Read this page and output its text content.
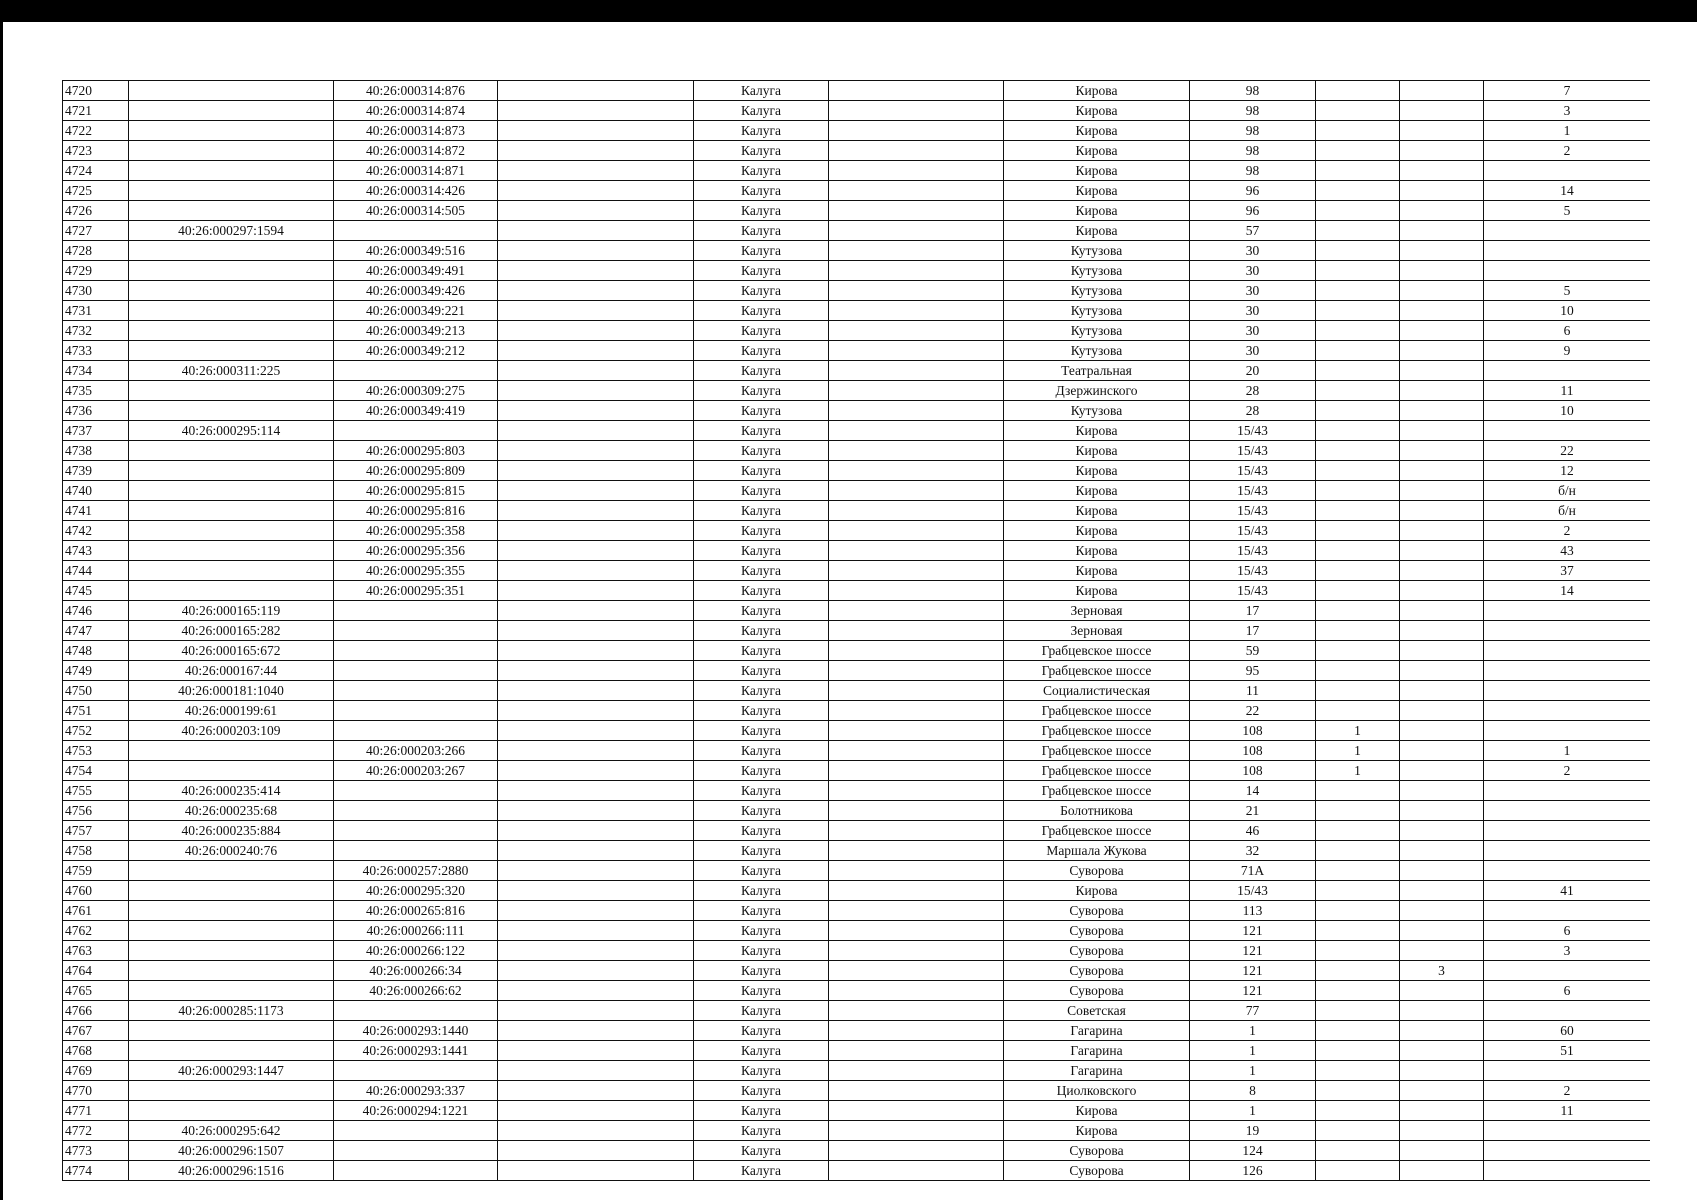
4720		40:26:000314:876		Калуга		Кирова	98			7
4721		40:26:000314:874		Калуга		Кирова	98			3
4722		40:26:000314:873		Калуга		Кирова	98			1
4723		40:26:000314:872		Калуга		Кирова	98			2
4724		40:26:000314:871		Калуга		Кирова	98			
4725		40:26:000314:426		Калуга		Кирова	96			14
4726		40:26:000314:505		Калуга		Кирова	96			5
4727	40:26:000297:1594			Калуга		Кирова	57			
4728		40:26:000349:516		Калуга		Кутузова	30			
4729		40:26:000349:491		Калуга		Кутузова	30			
4730		40:26:000349:426		Калуга		Кутузова	30			5
4731		40:26:000349:221		Калуга		Кутузова	30			10
4732		40:26:000349:213		Калуга		Кутузова	30			6
4733		40:26:000349:212		Калуга		Кутузова	30			9
4734	40:26:000311:225			Калуга		Театральная	20			
4735		40:26:000309:275		Калуга		Дзержинского	28			11
4736		40:26:000349:419		Калуга		Кутузова	28			10
4737	40:26:000295:114			Калуга		Кирова	15/43			
4738		40:26:000295:803		Калуга		Кирова	15/43			22
4739		40:26:000295:809		Калуга		Кирова	15/43			12
4740		40:26:000295:815		Калуга		Кирова	15/43			б/н
4741		40:26:000295:816		Калуга		Кирова	15/43			б/н
4742		40:26:000295:358		Калуга		Кирова	15/43			2
4743		40:26:000295:356		Калуга		Кирова	15/43			43
4744		40:26:000295:355		Калуга		Кирова	15/43			37
4745		40:26:000295:351		Калуга		Кирова	15/43			14
4746	40:26:000165:119			Калуга		Зерновая	17			
4747	40:26:000165:282			Калуга		Зерновая	17			
4748	40:26:000165:672			Калуга		Грабцевское шоссе	59			
4749	40:26:000167:44			Калуга		Грабцевское шоссе	95			
4750	40:26:000181:1040			Калуга		Социалистическая	11			
4751	40:26:000199:61			Калуга		Грабцевское шоссе	22			
4752	40:26:000203:109			Калуга		Грабцевское шоссе	108	1		
4753		40:26:000203:266		Калуга		Грабцевское шоссе	108	1		1
4754		40:26:000203:267		Калуга		Грабцевское шоссе	108	1		2
4755	40:26:000235:414			Калуга		Грабцевское шоссе	14			
4756	40:26:000235:68			Калуга		Болотникова	21			
4757	40:26:000235:884			Калуга		Грабцевское шоссе	46			
4758	40:26:000240:76			Калуга		Маршала Жукова	32			
4759		40:26:000257:2880		Калуга		Суворова	71А			
4760		40:26:000295:320		Калуга		Кирова	15/43			41
4761		40:26:000265:816		Калуга		Суворова	113			
4762		40:26:000266:111		Калуга		Суворова	121			6
4763		40:26:000266:122		Калуга		Суворова	121			3
4764		40:26:000266:34		Калуга		Суворова	121		3	
4765		40:26:000266:62		Калуга		Суворова	121			6
4766	40:26:000285:1173			Калуга		Советская	77			
4767		40:26:000293:1440		Калуга		Гагарина	1			60
4768		40:26:000293:1441		Калуга		Гагарина	1			51
4769	40:26:000293:1447			Калуга		Гагарина	1			
4770		40:26:000293:337		Калуга		Циолковского	8			2
4771		40:26:000294:1221		Калуга		Кирова	1			11
4772	40:26:000295:642			Калуга		Кирова	19			
4773	40:26:000296:1507			Калуга		Суворова	124			
4774	40:26:000296:1516			Калуга		Суворова	126			
